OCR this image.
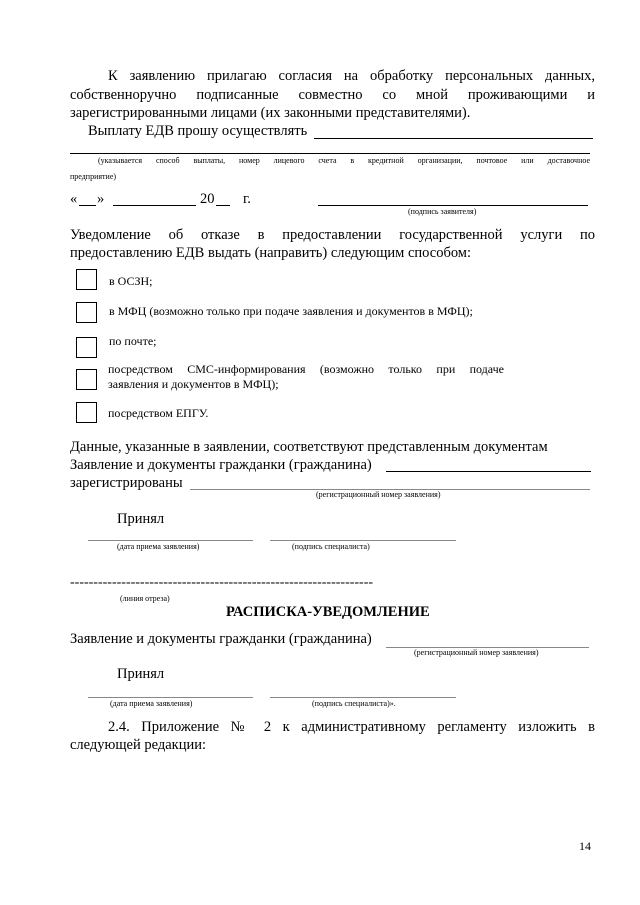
К заявлению прилагаю согласия на обработку персональных данных,
собственноручно подписанные совместно со мной проживающими и
зарегистрированными лицами (их законными представителями).
Выплату ЕДВ прошу осуществлять
(указывается способ выплаты, номер лицевого счета в кредитной организации, почтовое или доставочное
предприятие)
« »	20 г.
(подпись заявителя)
Уведомление об отказе в предоставлении государственной услуги по
предоставлению ЕДВ выдать (направить) следующим способом:
в ОСЗН;
в МФЦ (возможно только при подаче заявления и документов в МФЦ);
по почте;
посредством СМС-информирования (возможно только при подаче
заявления и документов в МФЦ);
посредством ЕПГУ.
Данные, указанные в заявлении, соответствуют представленным документам
Заявление и документы гражданки (гражданина)
зарегистрированы
(регистрационный номер заявления)
Принял
(дата приема заявления)	(подпись специалиста)
-----------------------------------------------------------------
(линия отреза)
РАСПИСКА-УВЕДОМЛЕНИЕ
Заявление и документы гражданки (гражданина)
(регистрационный номер заявления)
Принял
(дата приема заявления)	(подпись специалиста)».
2.4. Приложение № 2 к административному регламенту изложить в
следующей редакции:
14
